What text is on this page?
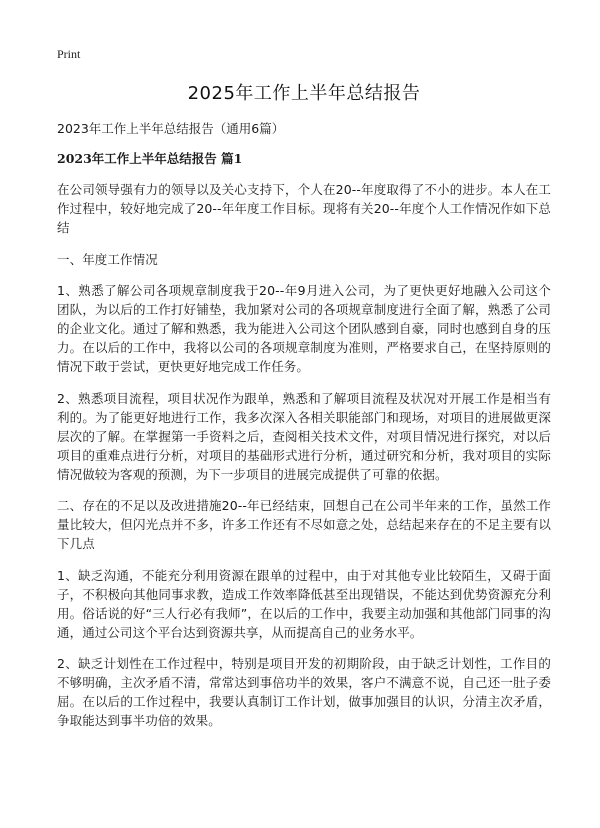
Print
2025年工作上半年总结报告
2023年工作上半年总结报告（通用6篇）
2023年工作上半年总结报告 篇1

在公司领导强有力的领导以及关心支持下，个人在20--年度取得了不小的进步。本人在工作过程中，较好地完成了20--年年度工作目标。现将有关20--年度个人工作情况作如下总结

一、年度工作情况

1、熟悉了解公司各项规章制度我于20--年9月进入公司，为了更快更好地融入公司这个团队，为以后的工作打好铺垫，我加紧对公司的各项规章制度进行全面了解，熟悉了公司的企业文化。通过了解和熟悉，我为能进入公司这个团队感到自豪，同时也感到自身的压力。在以后的工作中，我将以公司的各项规章制度为准则，严格要求自己，在坚持原则的情况下敢于尝试，更快更好地完成工作任务。

2、熟悉项目流程，项目状况作为跟单，熟悉和了解项目流程及状况对开展工作是相当有利的。为了能更好地进行工作，我多次深入各相关职能部门和现场，对项目的进展做更深层次的了解。在掌握第一手资料之后，查阅相关技术文件，对项目情况进行探究，对以后项目的重难点进行分析，对项目的基础形式进行分析，通过研究和分析，我对项目的实际情况做较为客观的预测，为下一步项目的进展完成提供了可靠的依据。

二、存在的不足以及改进措施20--年已经结束，回想自己在公司半年来的工作，虽然工作量比较大，但闪光点并不多，许多工作还有不尽如意之处，总结起来存在的不足主要有以下几点

1、缺乏沟通，不能充分利用资源在跟单的过程中，由于对其他专业比较陌生，又碍于面子，不积极向其他同事求教，造成工作效率降低甚至出现错误，不能达到优势资源充分利用。俗话说的好“三人行必有我师”，在以后的工作中，我要主动加强和其他部门同事的沟通，通过公司这个平台达到资源共享，从而提高自己的业务水平。

2、缺乏计划性在工作过程中，特别是项目开发的初期阶段，由于缺乏计划性，工作目的不够明确，主次矛盾不清，常常达到事倍功半的效果，客户不满意不说，自己还一肚子委屈。在以后的工作过程中，我要认真制订工作计划，做事加强目的认识，分清主次矛盾，争取能达到事半功倍的效果。
